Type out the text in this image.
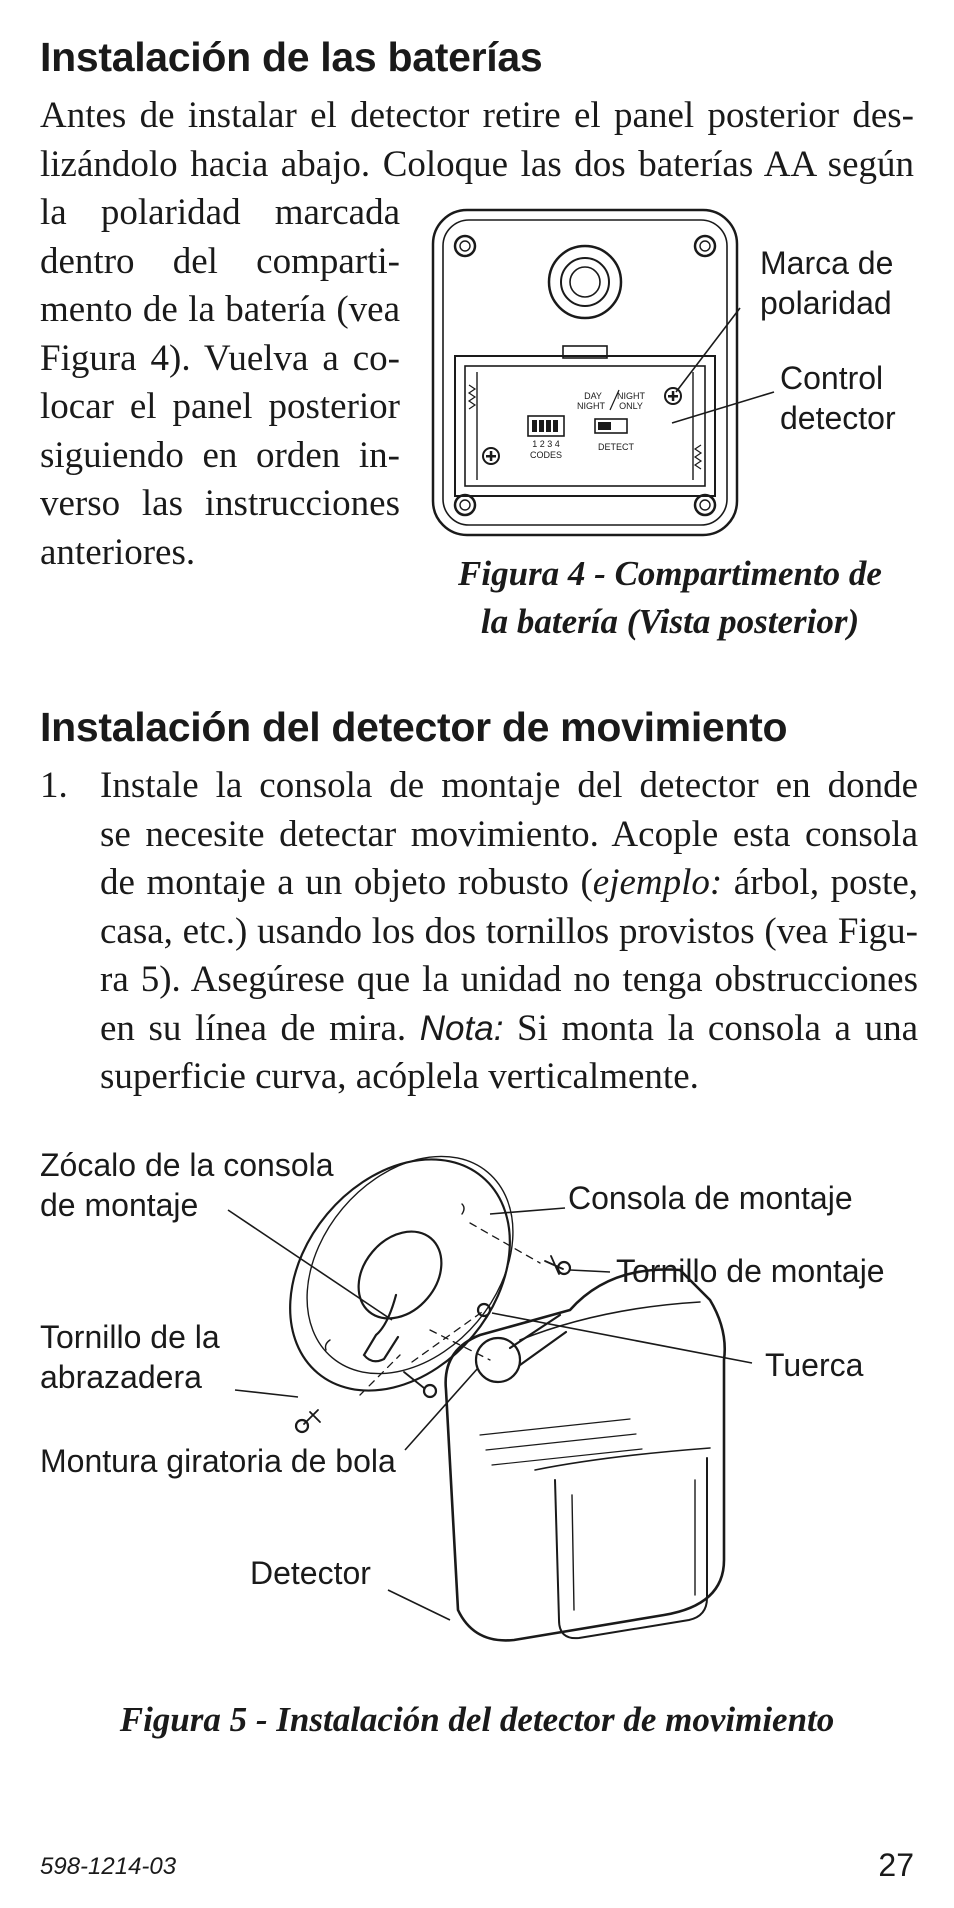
Instalación de las baterías
Antes de instalar el detector retire el panel posterior des-
lizándolo hacia abajo. Coloque las dos baterías AA según
la polaridad marcada
dentro del comparti-
mento de la batería (vea
Figura 4). Vuelva a co-
locar el panel posterior
siguiendo en orden in-
verso las instrucciones
anteriores.
DAY
NIGHT
NIGHT
ONLY
1 2 3 4
CODES
DETECT
Marca de
polaridad
Control
detector
Figura 4 - Compartimento de
la batería (Vista posterior)
Instalación del detector de movimiento
1. Instale la consola de montaje del detector en donde
se necesite detectar movimiento. Acople esta consola
de montaje a un objeto robusto (ejemplo: árbol, poste,
casa, etc.) usando los dos tornillos provistos (vea Figu-
ra 5). Asegúrese que la unidad no tenga obstrucciones
en su línea de mira. Nota: Si monta la consola a una
superficie curva, acóplela verticalmente.
Zócalo de la consola
de montaje	Consola de montaje
Tornillo de montaje
Tornillo de la
abrazadera	Tuerca
Montura giratoria de bola
Detector
Figura 5 - Instalación del detector de movimiento
598-1214-03	27
